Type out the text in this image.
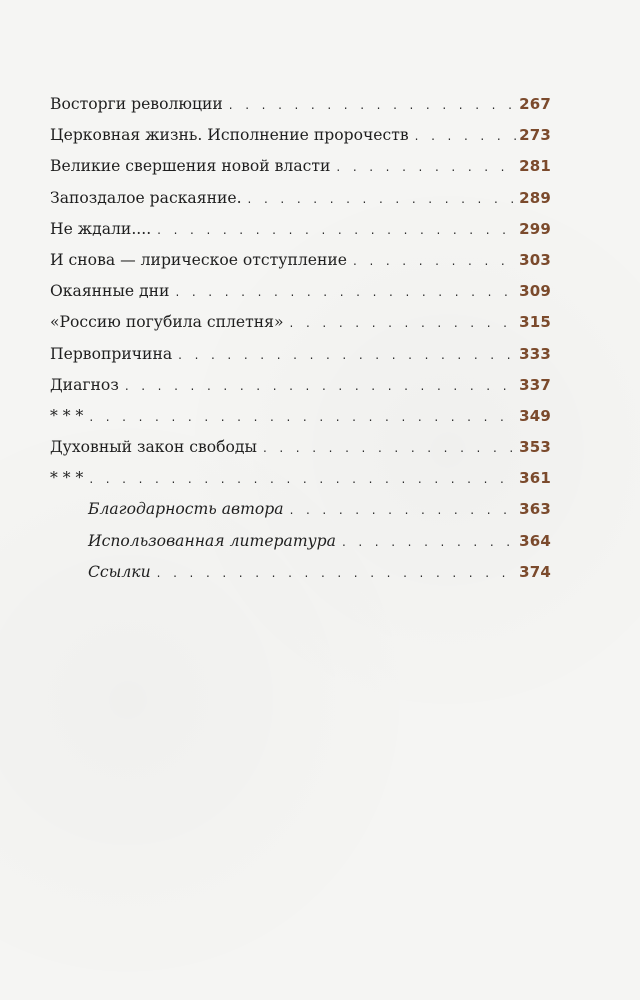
Восторги революции . . .	267
Церковная жизнь. Исполнение пророчеств . . .	273
Великие свершения новой власти . . .	281
Запоздалое раскаяние. . . .	289
Не ждали.... . . .	299
И снова — лирическое отступление . . .	303
Окаянные дни . . .	309
«Россию погубила сплетня» . . .	315
Первопричина . . .	333
Диагноз . . .	337
* * * . . .	349
Духовный закон свободы . . .	353
* * * . . .	361
Благодарность автора . . .	363
Использованная литература . . .	364
Ссылки . . .	374
